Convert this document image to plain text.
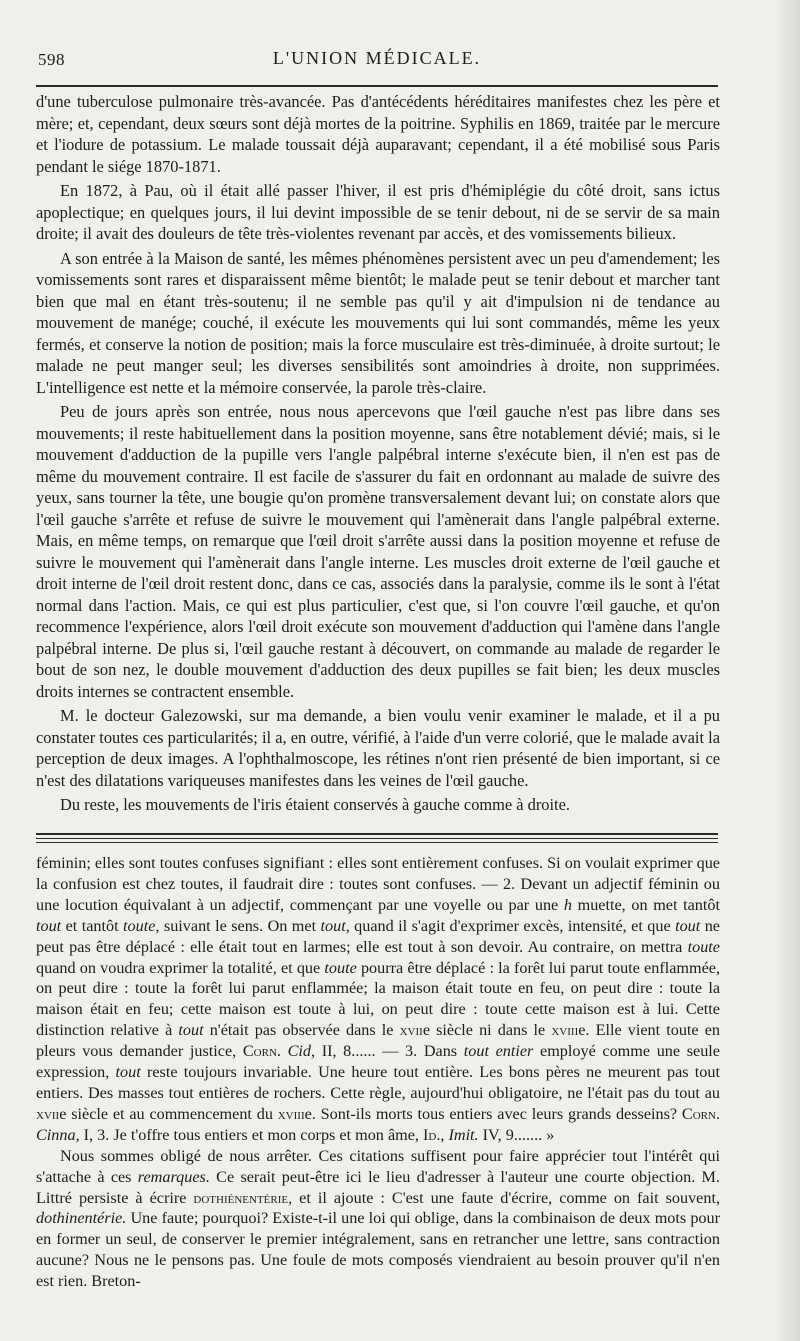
598	L'UNION MÉDICALE.

d'une tuberculose pulmonaire très-avancée. Pas d'antécédents héréditaires manifestes chez les père et mère; et, cependant, deux sœurs sont déjà mortes de la poitrine. Syphilis en 1869, traitée par le mercure et l'iodure de potassium. Le malade toussait déjà auparavant; cependant, il a été mobilisé sous Paris pendant le siége 1870-1871.

En 1872, à Pau, où il était allé passer l'hiver, il est pris d'hémiplégie du côté droit, sans ictus apoplectique; en quelques jours, il lui devint impossible de se tenir debout, ni de se servir de sa main droite; il avait des douleurs de tête très-violentes revenant par accès, et des vomissements bilieux.

A son entrée à la Maison de santé, les mêmes phénomènes persistent avec un peu d'amendement; les vomissements sont rares et disparaissent même bientôt; le malade peut se tenir debout et marcher tant bien que mal en étant très-soutenu; il ne semble pas qu'il y ait d'impulsion ni de tendance au mouvement de manége; couché, il exécute les mouvements qui lui sont commandés, même les yeux fermés, et conserve la notion de position; mais la force musculaire est très-diminuée, à droite surtout; le malade ne peut manger seul; les diverses sensibilités sont amoindries à droite, non supprimées. L'intelligence est nette et la mémoire conservée, la parole très-claire.

Peu de jours après son entrée, nous nous apercevons que l'œil gauche n'est pas libre dans ses mouvements; il reste habituellement dans la position moyenne, sans être notablement dévié; mais, si le mouvement d'adduction de la pupille vers l'angle palpébral interne s'exécute bien, il n'en est pas de même du mouvement contraire. Il est facile de s'assurer du fait en ordonnant au malade de suivre des yeux, sans tourner la tête, une bougie qu'on promène transversalement devant lui; on constate alors que l'œil gauche s'arrête et refuse de suivre le mouvement qui l'amènerait dans l'angle palpébral externe. Mais, en même temps, on remarque que l'œil droit s'arrête aussi dans la position moyenne et refuse de suivre le mouvement qui l'amènerait dans l'angle interne. Les muscles droit externe de l'œil gauche et droit interne de l'œil droit restent donc, dans ce cas, associés dans la paralysie, comme ils le sont à l'état normal dans l'action. Mais, ce qui est plus particulier, c'est que, si l'on couvre l'œil gauche, et qu'on recommence l'expérience, alors l'œil droit exécute son mouvement d'adduction qui l'amène dans l'angle palpébral interne. De plus si, l'œil gauche restant à découvert, on commande au malade de regarder le bout de son nez, le double mouvement d'adduction des deux pupilles se fait bien; les deux muscles droits internes se contractent ensemble.

M. le docteur Galezowski, sur ma demande, a bien voulu venir examiner le malade, et il a pu constater toutes ces particularités; il a, en outre, vérifié, à l'aide d'un verre colorié, que le malade avait la perception de deux images. A l'ophthalmoscope, les rétines n'ont rien présenté de bien important, si ce n'est des dilatations variqueuses manifestes dans les veines de l'œil gauche.

Du reste, les mouvements de l'iris étaient conservés à gauche comme à droite.

féminin; elles sont toutes confuses signifiant : elles sont entièrement confuses. Si on voulait exprimer que la confusion est chez toutes, il faudrait dire : toutes sont confuses. — 2. Devant un adjectif féminin ou une locution équivalant à un adjectif, commençant par une voyelle ou par une h muette, on met tantôt tout et tantôt toute, suivant le sens. On met tout, quand il s'agit d'exprimer excès, intensité, et que tout ne peut pas être déplacé : elle était tout en larmes; elle est tout à son devoir. Au contraire, on mettra toute quand on voudra exprimer la totalité, et que toute pourra être déplacé : la forêt lui parut toute enflammée, on peut dire : toute la forêt lui parut enflammée; la maison était toute en feu, on peut dire : toute la maison était en feu; cette maison est toute à lui, on peut dire : toute cette maison est à lui. Cette distinction relative à tout n'était pas observée dans le xviie siècle ni dans le xviiie. Elle vient toute en pleurs vous demander justice, Corn. Cid, II, 8...... — 3. Dans tout entier employé comme une seule expression, tout reste toujours invariable. Une heure tout entière. Les bons pères ne meurent pas tout entiers. Des masses tout entières de rochers. Cette règle, aujourd'hui obligatoire, ne l'était pas du tout au xviie siècle et au commencement du xviiie. Sont-ils morts tous entiers avec leurs grands desseins? Corn. Cinna, I, 3. Je t'offre tous entiers et mon corps et mon âme, Id., Imit. IV, 9....... »

Nous sommes obligé de nous arrêter. Ces citations suffisent pour faire apprécier tout l'intérêt qui s'attache à ces remarques. Ce serait peut-être ici le lieu d'adresser à l'auteur une courte objection. M. Littré persiste à écrire dothiénentérie, et il ajoute : C'est une faute d'écrire, comme on fait souvent, dothinentérie. Une faute; pourquoi? Existe-t-il une loi qui oblige, dans la combinaison de deux mots pour en former un seul, de conserver le premier intégralement, sans en retrancher une lettre, sans contraction aucune? Nous ne le pensons pas. Une foule de mots composés viendraient au besoin prouver qu'il n'en est rien. Breton-
